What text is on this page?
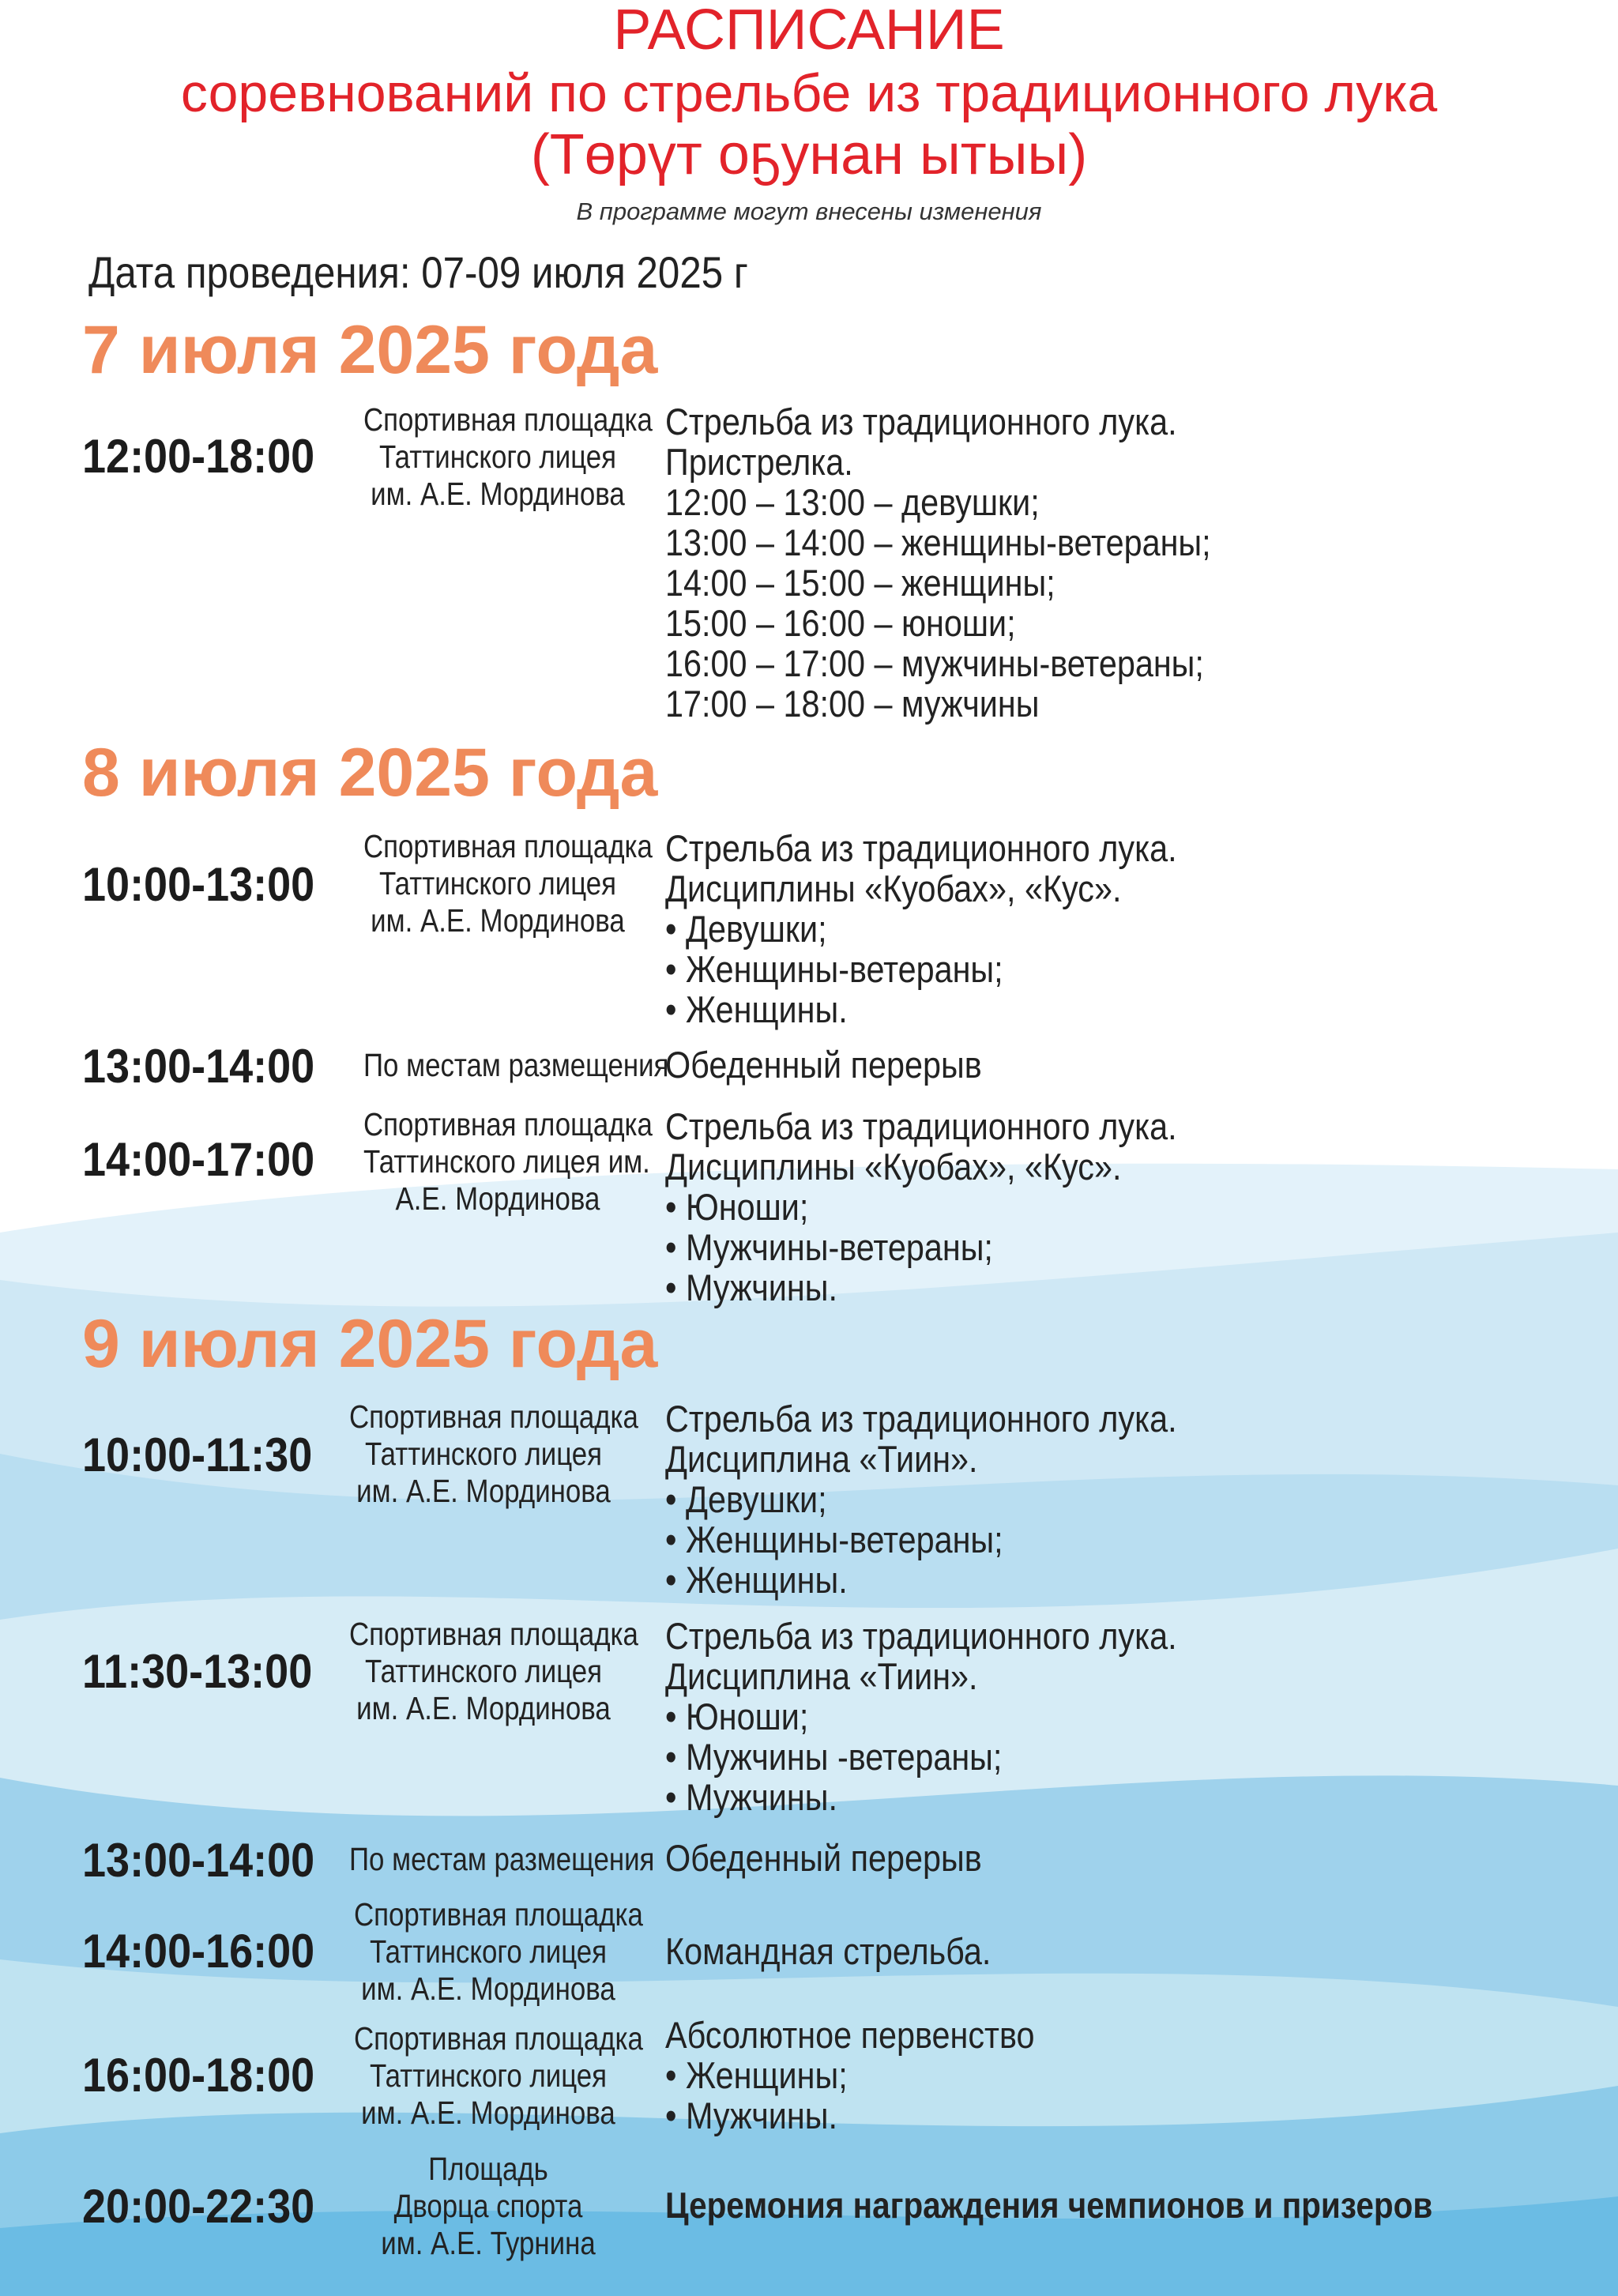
РАСПИСАНИЕ
соревнований по стрельбе из традиционного лука
(Төрүт оҕунан ытыы)
В программе могут внесены изменения
Дата проведения: 07-09 июля 2025 г
7 июля 2025 года
12:00-18:00
Спортивная площадка
Таттинского лицея
им. А.Е. Мординова
Стрельба из традиционного лука.
Пристрелка.
12:00 – 13:00 – девушки;
13:00 – 14:00 – женщины-ветераны;
14:00 – 15:00 – женщины;
15:00 – 16:00 – юноши;
16:00 – 17:00 – мужчины-ветераны;
17:00 – 18:00 – мужчины
8 июля 2025 года
10:00-13:00
Спортивная площадка
Таттинского лицея
им. А.Е. Мординова
Стрельба из традиционного лука.
Дисциплины «Куобах», «Кус».
• Девушки;
• Женщины-ветераны;
• Женщины.
13:00-14:00 По местам размещения
Обеденный перерыв
14:00-17:00
Спортивная площадка
Таттинского лицея им.
А.Е. Мординова
Стрельба из традиционного лука.
Дисциплины «Куобах», «Кус».
• Юноши;
• Мужчины-ветераны;
• Мужчины.
9 июля 2025 года
10:00-11:30
Спортивная площадка
Таттинского лицея
им. А.Е. Мординова
Стрельба из традиционного лука.
Дисциплина «Тиин».
• Девушки;
• Женщины-ветераны;
• Женщины.
11:30-13:00
Спортивная площадка
Таттинского лицея
им. А.Е. Мординова
Стрельба из традиционного лука.
Дисциплина «Тиин».
• Юноши;
• Мужчины -ветераны;
• Мужчины.
13:00-14:00 По местам размещения Обеденный перерыв
14:00-16:00
Спортивная площадка
Таттинского лицея
им. А.Е. Мординова
Командная стрельба.
16:00-18:00
Спортивная площадка
Таттинского лицея
им. А.Е. Мординова
Абсолютное первенство
• Женщины;
• Мужчины.
20:00-22:30
Площадь
Дворца спорта
им. А.Е. Турнина
Церемония награждения чемпионов и призеров
